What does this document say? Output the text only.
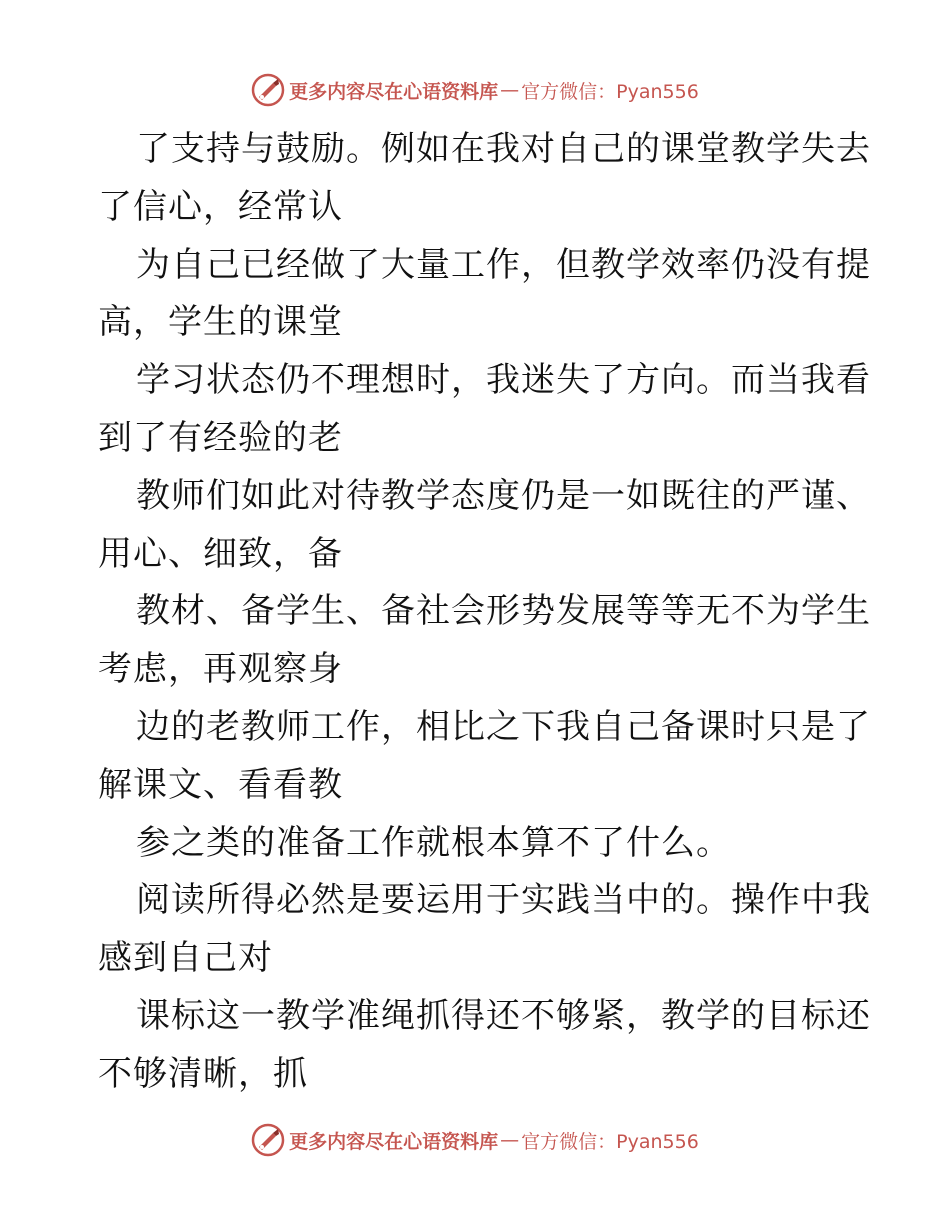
更多内容尽在心语资料库 — 官方微信：Pyan556
了支持与鼓励。例如在我对自己的课堂教学失去
了信心，经常认
为自己已经做了大量工作，但教学效率仍没有提
高，学生的课堂
学习状态仍不理想时，我迷失了方向。而当我看
到了有经验的老
教师们如此对待教学态度仍是一如既往的严谨、
用心、细致，备
教材、备学生、备社会形势发展等等无不为学生
考虑，再观察身
边的老教师工作，相比之下我自己备课时只是了
解课文、看看教
参之类的准备工作就根本算不了什么。
阅读所得必然是要运用于实践当中的。操作中我
感到自己对
课标这一教学准绳抓得还不够紧，教学的目标还
不够清晰，抓
更多内容尽在心语资料库 — 官方微信：Pyan556
